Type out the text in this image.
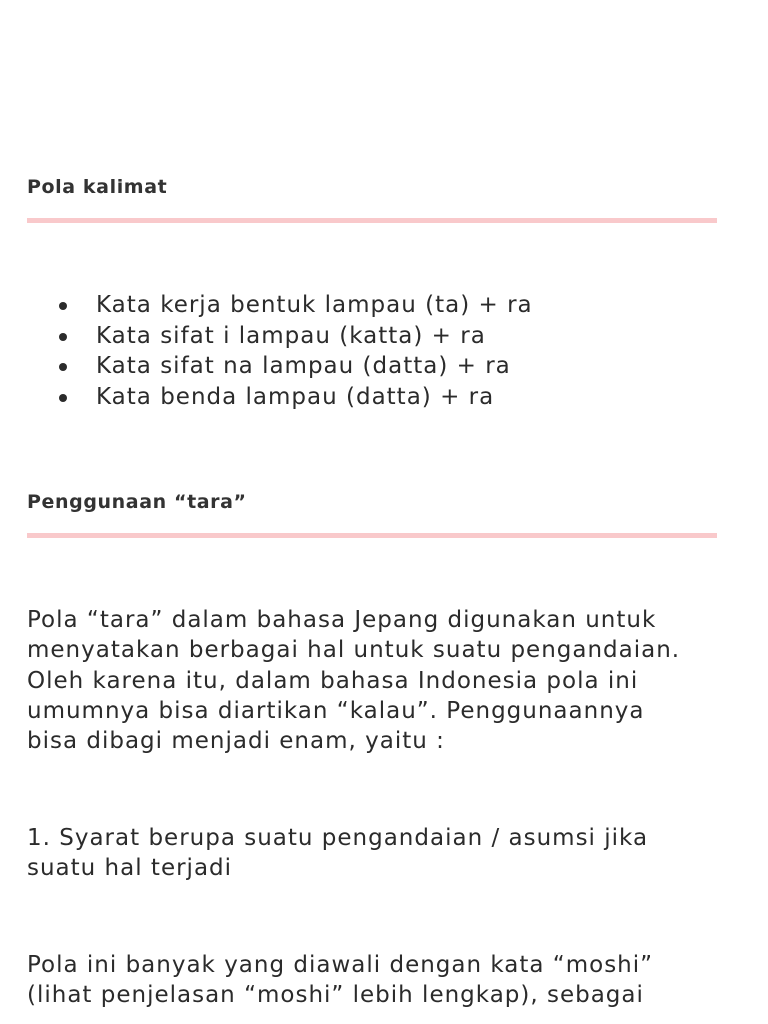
Pola kalimat
Kata kerja bentuk lampau (ta) + ra
Kata sifat i lampau (katta) + ra
Kata sifat na lampau (datta) + ra
Kata benda lampau (datta) + ra
Penggunaan “tara”

Pola “tara” dalam bahasa Jepang digunakan untuk
menyatakan berbagai hal untuk suatu pengandaian.
Oleh karena itu, dalam bahasa Indonesia pola ini
umumnya bisa diartikan “kalau”. Penggunaannya
bisa dibagi menjadi enam, yaitu :

1. Syarat berupa suatu pengandaian / asumsi jika
suatu hal terjadi

Pola ini banyak yang diawali dengan kata “moshi”
(lihat penjelasan “moshi” lebih lengkap), sebagai
